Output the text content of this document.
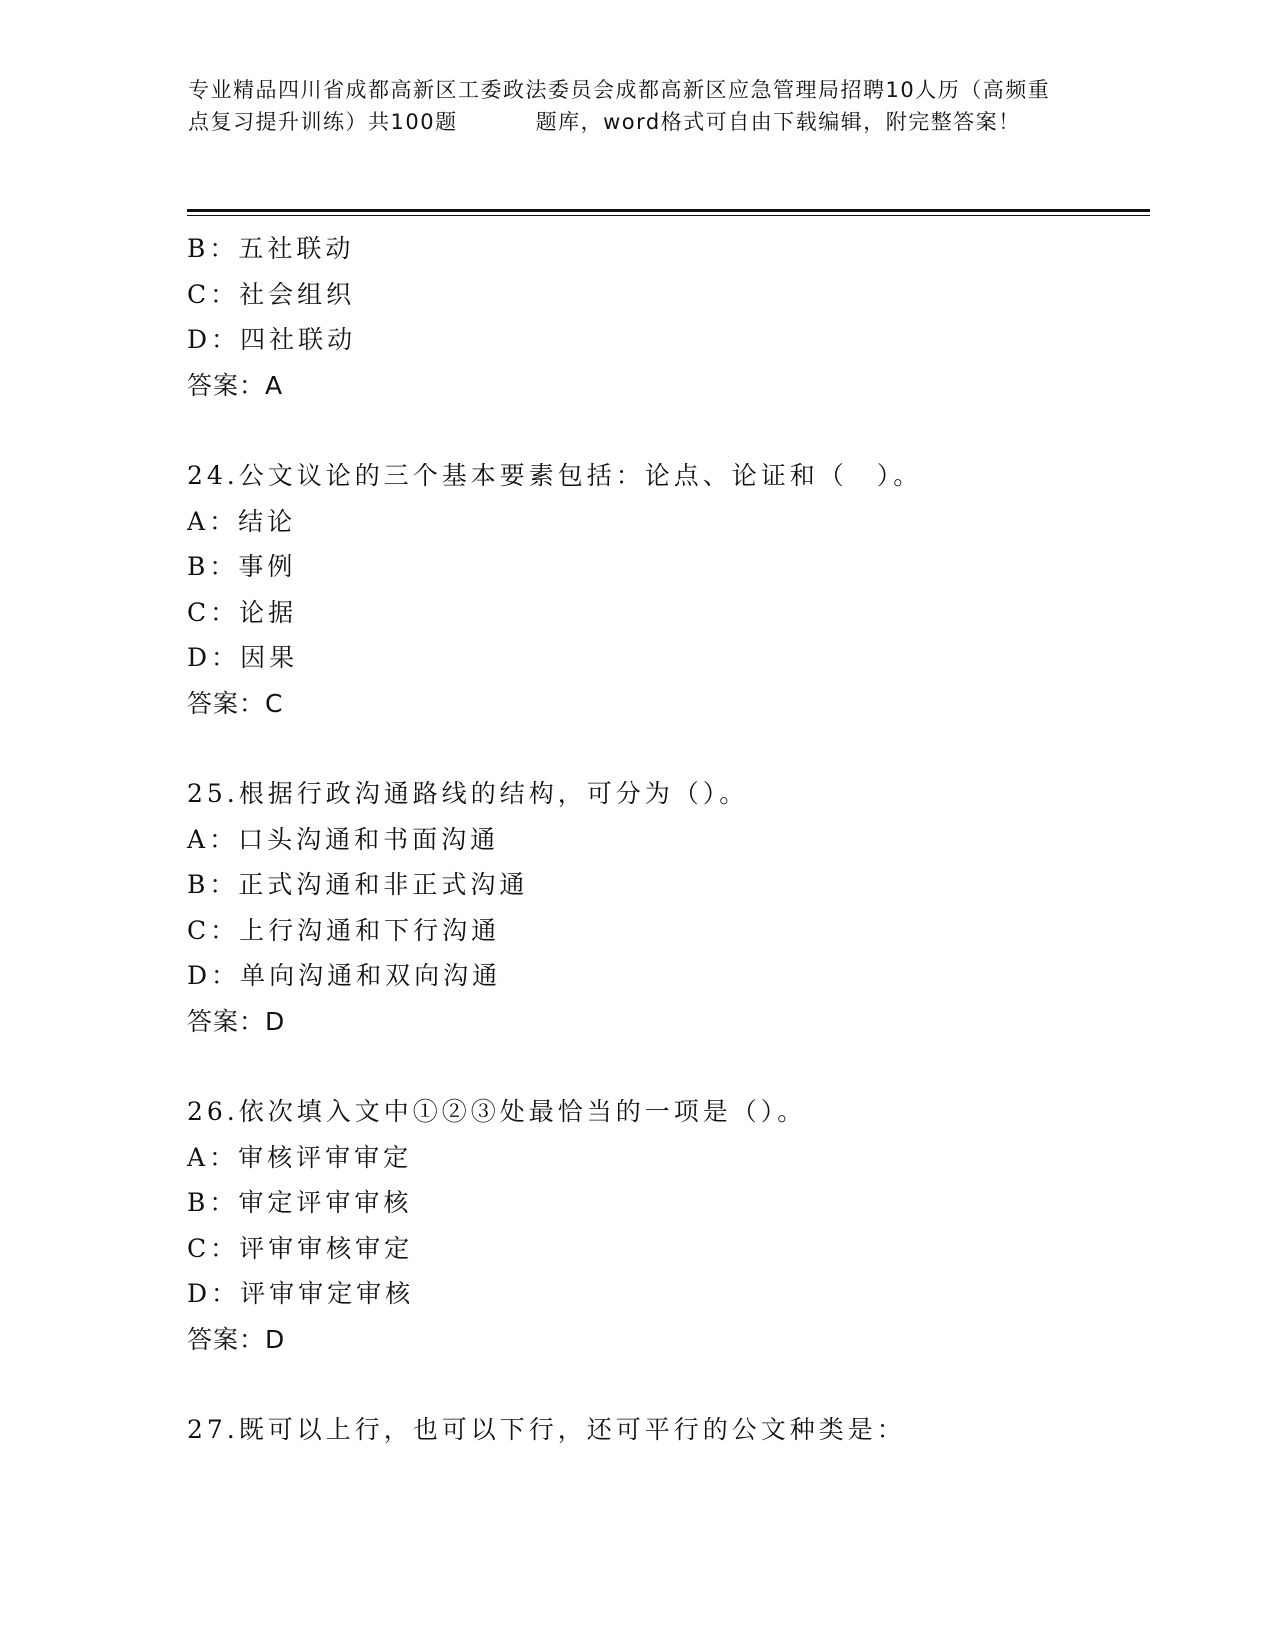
专业精品四川省成都高新区工委政法委员会成都高新区应急管理局招聘10人历（高频重点复习提升训练）共100题	题库，word格式可自由下载编辑，附完整答案！
B：五社联动
C：社会组织
D：四社联动
答案：A
24.公文议论的三个基本要素包括：论点、论证和（　）。
A：结论
B：事例
C：论据
D：因果
答案：C
25.根据行政沟通路线的结构，可分为（）。
A：口头沟通和书面沟通
B：正式沟通和非正式沟通
C：上行沟通和下行沟通
D：单向沟通和双向沟通
答案：D
26.依次填入文中①②③处最恰当的一项是（）。
A：审核评审审定
B：审定评审审核
C：评审审核审定
D：评审审定审核
答案：D
27.既可以上行，也可以下行，还可平行的公文种类是：
